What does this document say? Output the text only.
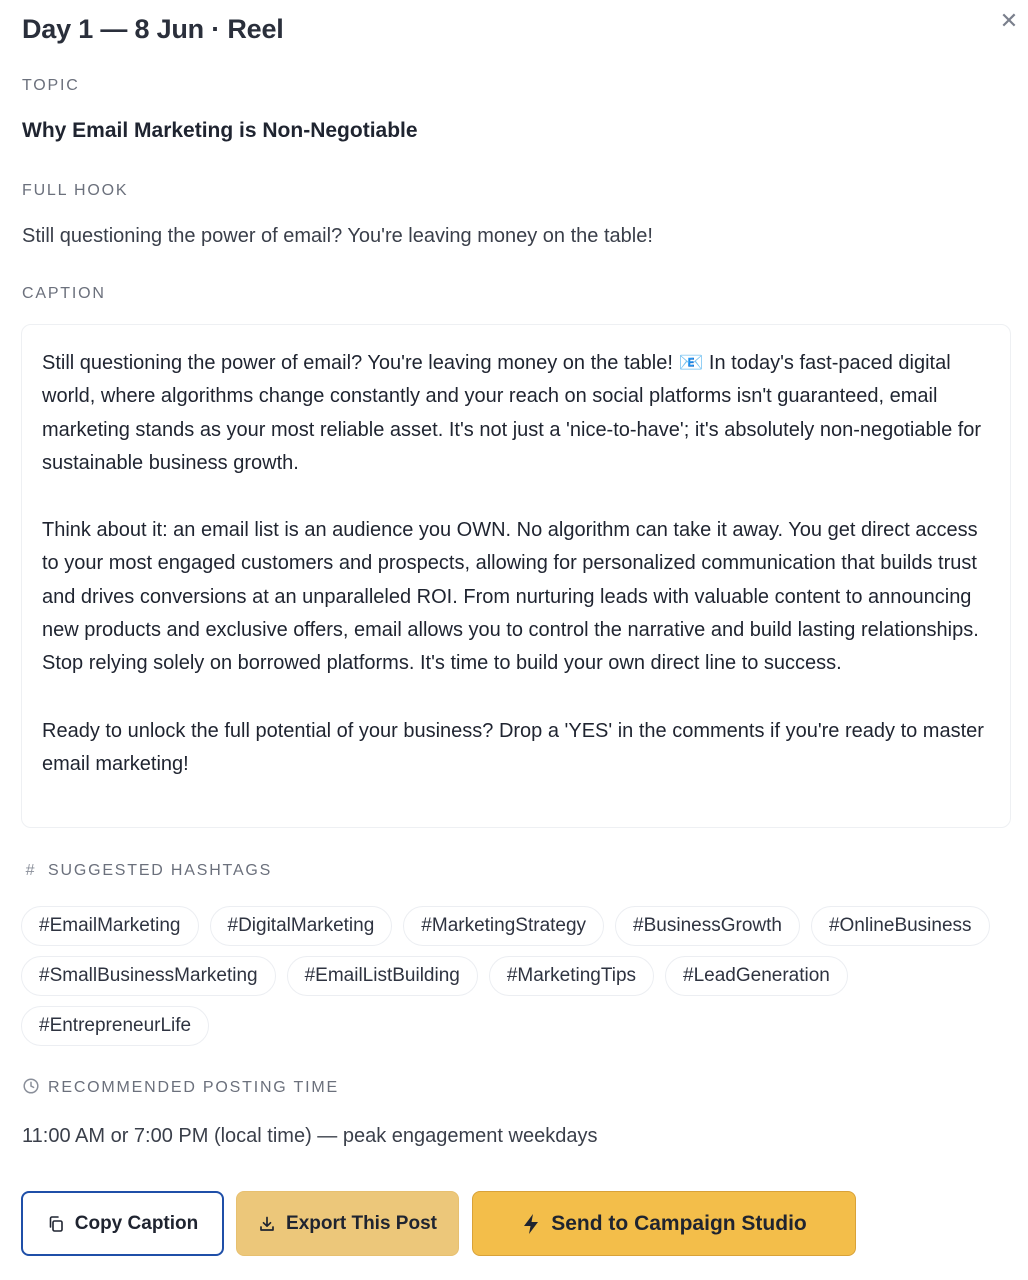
✕
Day 1 — 8 Jun · Reel
TOPIC
Why Email Marketing is Non-Negotiable
FULL HOOK
Still questioning the power of email? You're leaving money on the table!
CAPTION

Still questioning the power of email? You're leaving money on the table! 📧 In today's fast-paced digital world, where algorithms change constantly and your reach on social platforms isn't guaranteed, email marketing stands as your most reliable asset. It's not just a 'nice-to-have'; it's absolutely non-negotiable for sustainable business growth.

Think about it: an email list is an audience you OWN. No algorithm can take it away. You get direct access to your most engaged customers and prospects, allowing for personalized communication that builds trust and drives conversions at an unparalleled ROI. From nurturing leads with valuable content to announcing new products and exclusive offers, email allows you to control the narrative and build lasting relationships. Stop relying solely on borrowed platforms. It's time to build your own direct line to success.

Ready to unlock the full potential of your business? Drop a 'YES' in the comments if you're ready to master email marketing!

# SUGGESTED HASHTAGS
#EmailMarketing	#DigitalMarketing	#MarketingStrategy	#BusinessGrowth	#OnlineBusiness
#SmallBusinessMarketing	#EmailListBuilding	#MarketingTips	#LeadGeneration
#EntrepreneurLife
RECOMMENDED POSTING TIME
11:00 AM or 7:00 PM (local time) — peak engagement weekdays
Copy Caption	Export This Post	Send to Campaign Studio
